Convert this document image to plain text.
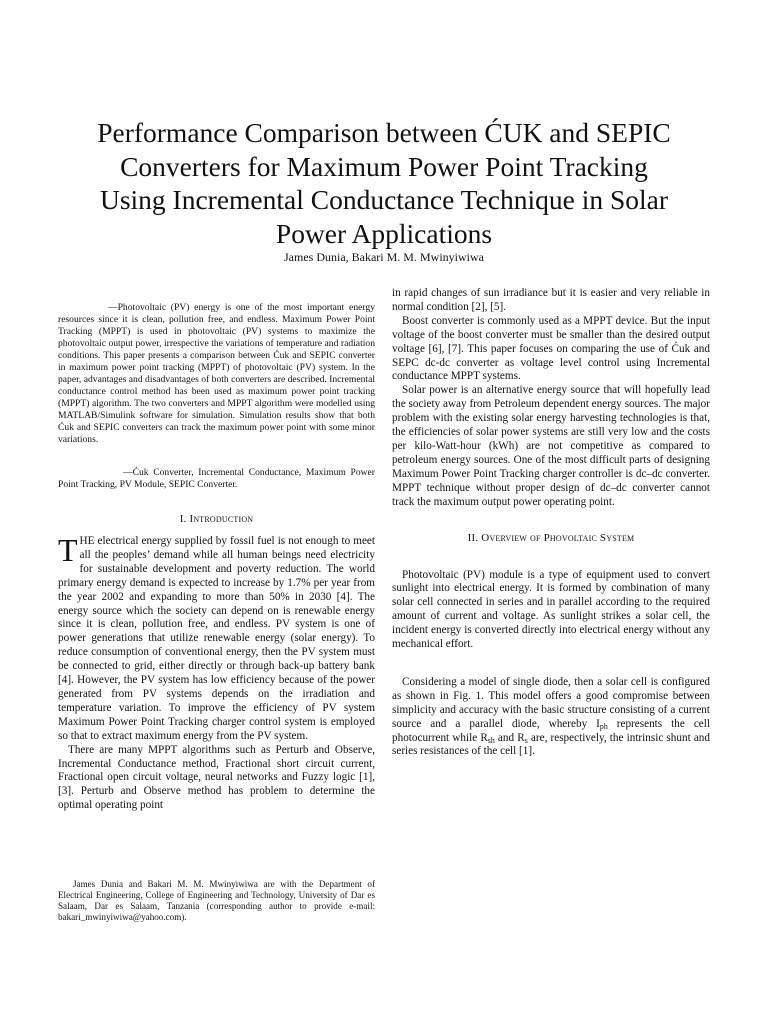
Performance Comparison between ĆUK and SEPIC
Converters for Maximum Power Point Tracking
Using Incremental Conductance Technique in Solar
Power Applications
James Dunia, Bakari M. M. Mwinyiwiwa

—Photovoltaic (PV) energy is one of the most important energy resources since it is clean, pollution free, and endless. Maximum Power Point Tracking (MPPT) is used in photovoltaic (PV) systems to maximize the photovoltaic output power, irrespective the variations of temperature and radiation conditions. This paper presents a comparison between Ćuk and SEPIC converter in maximum power point tracking (MPPT) of photovoltaic (PV) system. In the paper, advantages and disadvantages of both converters are described. Incremental conductance control method has been used as maximum power point tracking (MPPT) algorithm. The two converters and MPPT algorithm were modelled using MATLAB/Simulink software for simulation. Simulation results show that both Ćuk and SEPIC converters can track the maximum power point with some minor variations.

—Ćuk Converter, Incremental Conductance, Maximum Power Point Tracking, PV Module, SEPIC Converter.

I. Introduction

THE electrical energy supplied by fossil fuel is not enough to meet all the peoples’ demand while all human beings need electricity for sustainable development and poverty reduction. The world primary energy demand is expected to increase by 1.7% per year from the year 2002 and expanding to more than 50% in 2030 [4]. The energy source which the society can depend on is renewable energy since it is clean, pollution free, and endless. PV system is one of power generations that utilize renewable energy (solar energy). To reduce consumption of conventional energy, then the PV system must be connected to grid, either directly or through back-up battery bank [4]. However, the PV system has low efficiency because of the power generated from PV systems depends on the irradiation and temperature variation. To improve the efficiency of PV system Maximum Power Point Tracking charger control system is employed so that to extract maximum energy from the PV system.

There are many MPPT algorithms such as Perturb and Observe, Incremental Conductance method, Fractional short circuit current, Fractional open circuit voltage, neural networks and Fuzzy logic [1], [3]. Perturb and Observe method has problem to determine the optimal operating point

in rapid changes of sun irradiance but it is easier and very reliable in normal condition [2], [5].

Boost converter is commonly used as a MPPT device. But the input voltage of the boost converter must be smaller than the desired output voltage [6], [7]. This paper focuses on comparing the use of Ćuk and SEPC dc-dc converter as voltage level control using Incremental conductance MPPT systems.

Solar power is an alternative energy source that will hopefully lead the society away from Petroleum dependent energy sources. The major problem with the existing solar energy harvesting technologies is that, the efficiencies of solar power systems are still very low and the costs per kilo-Watt-hour (kWh) are not competitive as compared to petroleum energy sources. One of the most difficult parts of designing Maximum Power Point Tracking charger controller is dc–dc converter. MPPT technique without proper design of dc–dc converter cannot track the maximum output power operating point.

II. Overview of Phovoltaic System

Photovoltaic (PV) module is a type of equipment used to convert sunlight into electrical energy. It is formed by combination of many solar cell connected in series and in parallel according to the required amount of current and voltage. As sunlight strikes a solar cell, the incident energy is converted directly into electrical energy without any mechanical effort.

Considering a model of single diode, then a solar cell is configured as shown in Fig. 1. This model offers a good compromise between simplicity and accuracy with the basic structure consisting of a current source and a parallel diode, whereby $I_{ph}$ represents the cell photocurrent while $R_{sh}$ and $R_s$ are, respectively, the intrinsic shunt and series resistances of the cell [1].

James Dunia and Bakari M. M. Mwinyiwiwa are with the Department of Electrical Engineering, College of Engineering and Technology, University of Dar es Salaam, Dar es Salaam, Tanzania (corresponding author to provide e-mail: bakari_mwinyiwiwa@yahoo.com).
